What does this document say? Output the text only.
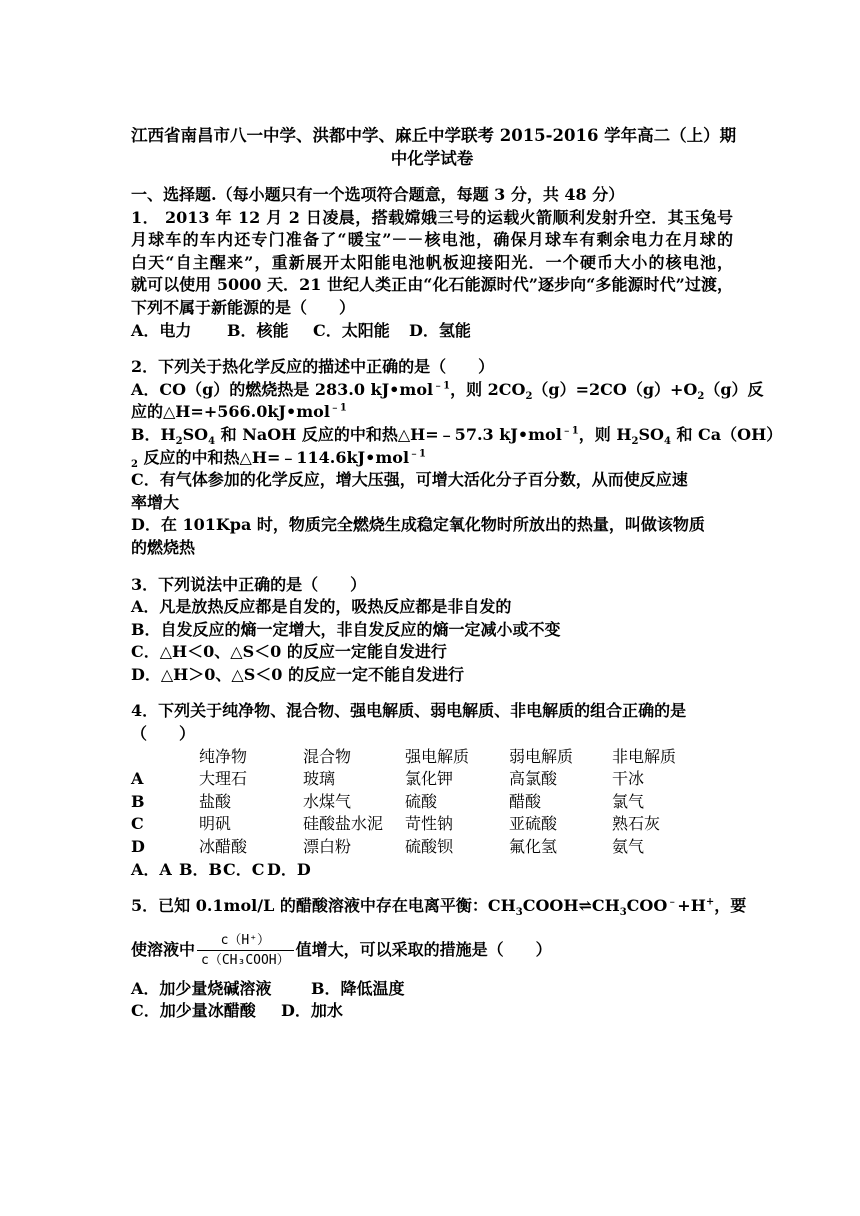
江西省南昌市八一中学、洪都中学、麻丘中学联考 2015-2016 学年高二（上）期
中化学试卷

一、选择题.（每小题只有一个选项符合题意，每题 3 分，共 48 分）

1． 2013 年 12 月 2 日凌晨，搭载嫦娥三号的运载火箭顺利发射升空．其玉兔号
月球车的车内还专门准备了“暖宝”－－核电池，确保月球车有剩余电力在月球的
白天“自主醒来”，重新展开太阳能电池帆板迎接阳光．一个硬币大小的核电池，
就可以使用 5000 天．21 世纪人类正由“化石能源时代”逐步向“多能源时代”过渡，
下列不属于新能源的是（　　）

A．电力 B．核能 C．太阳能 D．氢能

2．下列关于热化学反应的描述中正确的是（　　）

A．CO（g）的燃烧热是 283.0 kJ•mol$^{﹣1}$，则 $2CO_2(g)=2CO(g)+O_2(g)$反

应的△H=+566.0kJ•mol$^{﹣1}$

B．$H_2SO_4$ 和 NaOH 反应的中和热△H=﹣57.3 kJ•mol$^{﹣1}$，则 $H_2SO_4$ 和 Ca（OH）

$_2$ 反应的中和热△H=﹣114.6kJ•mol$^{﹣1}$

C．有气体参加的化学反应，增大压强，可增大活化分子百分数，从而使反应速

率增大

D．在 101Kpa 时，物质完全燃烧生成稳定氧化物时所放出的热量，叫做该物质

的燃烧热

3．下列说法中正确的是（　　）

A．凡是放热反应都是自发的，吸热反应都是非自发的

B．自发反应的熵一定增大，非自发反应的熵一定减小或不变

C．△H＜0、△S＜0 的反应一定能自发进行

D．△H＞0、△S＜0 的反应一定不能自发进行

4．下列关于纯净物、混合物、强电解质、弱电解质、非电解质的组合正确的是

（　　）

纯净物	混合物	强电解质	弱电解质	非电解质
A	大理石	玻璃	氯化钾	高氯酸	干冰
B	盐酸	水煤气	硫酸	醋酸	氯气
C	明矾	硅酸盐水泥	苛性钠	亚硫酸	熟石灰
D	冰醋酸	漂白粉	硫酸钡	氟化氢	氨气

A．A B．BC．C D．D

5．已知 0.1mol/L 的醋酸溶液中存在电离平衡：$CH_3COOH\rightleftharpoons CH_3COO^﹣+H^+$，要

使溶液中 $\frac{c(H^+)}{\text{c（CH₃COOH）}}$ 值增大，可以采取的措施是（　　）

A．加少量烧碱溶液 B．降低温度

C．加少量冰醋酸 D．加水
